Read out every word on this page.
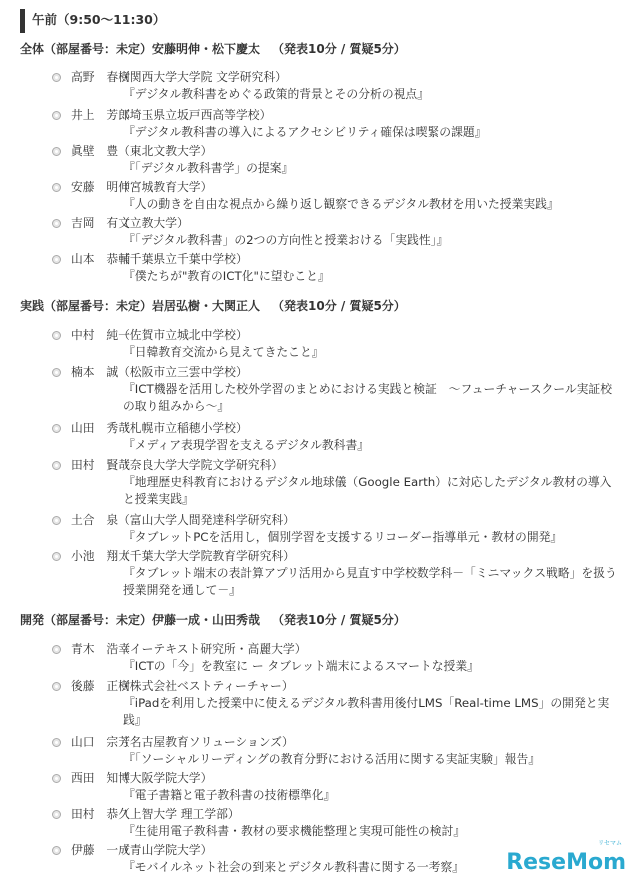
午前（9:50～11:30）
全体（部屋番号：未定）安藤明伸・松下慶太 （発表10分 / 質疑5分）
高野　春樹
（関西大学大学院 文学研究科）
『デジタル教科書をめぐる政策的背景とその分析の視点』
井上　芳郎
（埼玉県立坂戸西高等学校）
『デジタル教科書の導入によるアクセシビリティ確保は喫緊の課題』
眞壁　豊 （東北文教大学）
『「デジタル教科書学」の提案』
安藤　明伸
（宮城教育大学）
『人の動きを自由な視点から繰り返し観察できるデジタル教材を用いた授業実践』
吉岡　有文
（立教大学）
『「デジタル教科書」の2つの方向性と授業おける「実践性」』
山本　恭輔
（千葉県立千葉中学校）
『僕たちが"教育のICT化"に望むこと』
実践（部屋番号：未定）岩居弘樹・大関正人 （発表10分 / 質疑5分）
中村　純一
（佐賀市立城北中学校）
『日韓教育交流から見えてきたこと』
楠本　誠 （松阪市立三雲中学校）
『ICT機器を活用した校外学習のまとめにおける実践と検証　～フューチャースクール実証校の取り組みから～』
山田　秀哉
（札幌市立稲穂小学校）
『メディア表現学習を支えるデジタル教科書』
田村　賢哉
（奈良大学大学院文学研究科）
『地理歴史科教育におけるデジタル地球儀（Google Earth）に対応したデジタル教材の導入と授業実践』
土合　泉 （富山大学人間発達科学研究科）
『タブレットPCを活用し，個別学習を支援するリコーダー指導単元・教材の開発』
小池　翔太
（千葉大学大学院教育学研究科）
『タブレット端末の表計算アプリ活用から見直す中学校数学科－「ミニマックス戦略」を扱う授業開発を通して－』
開発（部屋番号：未定）伊藤一成・山田秀哉 （発表10分 / 質疑5分）
青木　浩幸
（イーテキスト研究所・高麗大学）
『ICTの「今」を教室に ー タブレット端末によるスマートな授業』
後藤　正樹
（株式会社ベストティーチャー）
『iPadを利用した授業中に使えるデジタル教科書用後付LMS「Real-time LMS」の開発と実践』
山口　宗芳
（名古屋教育ソリューションズ）
『「ソーシャルリーディングの教育分野における活用に関する実証実験」報告』
西田　知博
（大阪学院大学）
『電子書籍と電子教科書の技術標準化』
田村　恭久
（上智大学 理工学部）
『生徒用電子教科書・教材の要求機能整理と実現可能性の検討』
伊藤　一成
（青山学院大学）
『モバイルネット社会の到来とデジタル教科書に関する一考察』
リセマム
ReseMom
